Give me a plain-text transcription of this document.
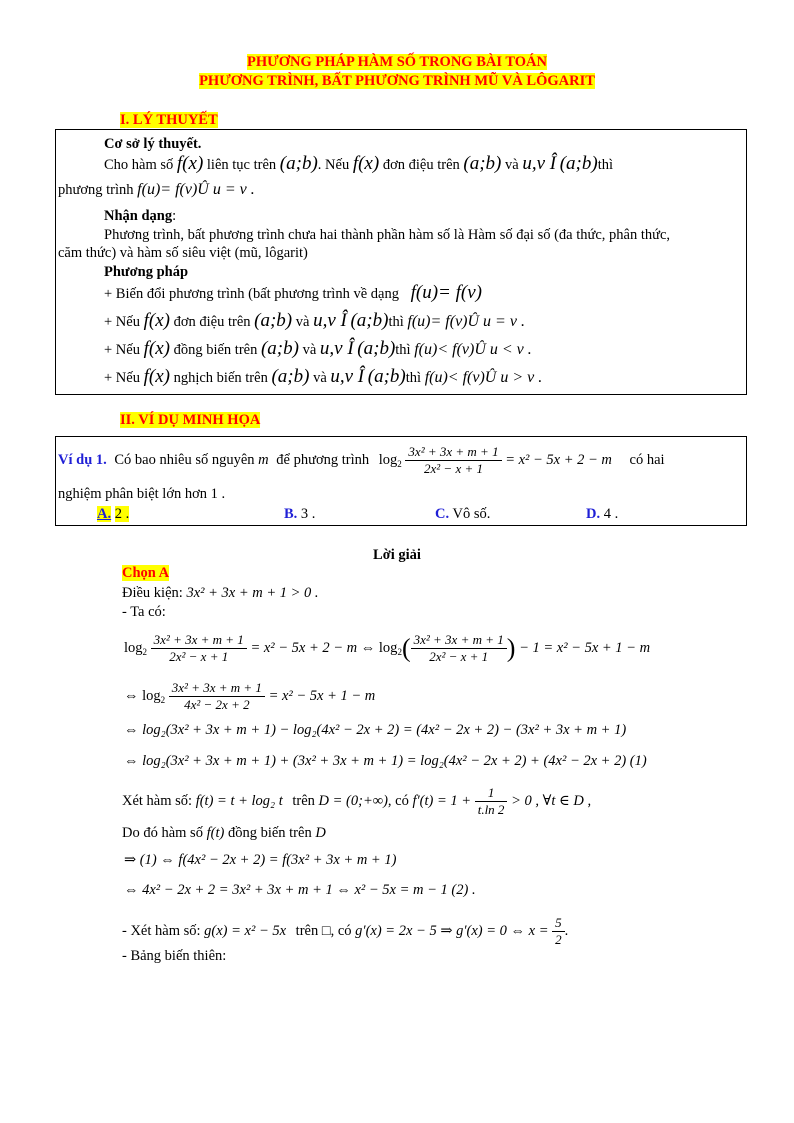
PHƯƠNG PHÁP HÀM SỐ TRONG BÀI TOÁN
PHƯƠNG TRÌNH, BẤT PHƯƠNG TRÌNH MŨ VÀ LÔGARIT
I. LÝ THUYẾT
Cơ sở lý thuyết.
Cho hàm số f(x) liên tục trên (a;b). Nếu f(x) đơn điệu trên (a;b) và u,v Î (a;b)thì
phương trình f(u)= f(v)Û u = v .
Nhận dạng:
Phương trình, bất phương trình chưa hai thành phần hàm số là Hàm số đại số (đa thức, phân thức,
căm thức) và hàm số siêu việt (mũ, lôgarit)
Phương pháp
+ Biến đổi phương trình (bất phương trình về dạng f(u)= f(v)
+ Nếu f(x) đơn điệu trên (a;b) và u,v Î (a;b)thì f(u)= f(v)Û u = v .
+ Nếu f(x) đồng biến trên (a;b) và u,v Î (a;b)thì f(u)< f(v)Û u < v .
+ Nếu f(x) nghịch biến trên (a;b) và u,v Î (a;b)thì f(u)< f(v)Û u > v .
II. VÍ DỤ MINH HỌA
Ví dụ 1. Có bao nhiêu số nguyên m để phương trình $\log_2 \frac{\text{3x² + 3x + m + 1}}{\text{2x² − x + 1}} = x^2 - 5x + 2 - m$ có hai
nghiệm phân biệt lớn hơn 1 .
A. 2 .	B. 3 .	C. Vô số.	D. 4 .
Lời giải
Chọn A
Điều kiện: 3x² + 3x + m + 1 > 0 .
- Ta có:
$\log_2 \frac{\text{3x² + 3x + m + 1}}{\text{2x² − x + 1}} = x^2 - 5x + 2 - m$ ⇔ $\log_2( \frac{\text{3x² + 3x + m + 1}}{\text{2x² − x + 1}}$ ) − 1 = x² − 5x + 1 − m
⇔ $\log_2 \frac{\text{3x² + 3x + m + 1}}{\text{4x² − 2x + 2}} = x^2 - 5x + 1 - m$
⇔ log₂(3x² + 3x + m + 1) − log₂(4x² − 2x + 2) = (4x² − 2x + 2) − (3x² + 3x + m + 1)
⇔ log₂(3x² + 3x + m + 1) + (3x² + 3x + m + 1) = log₂(4x² − 2x + 2) + (4x² − 2x + 2) (1)
Xét hàm số: f(t) = t + log₂ t trên D = (0;+∞), có $f'(t) = 1 + \frac{1}{t.\ln 2} > 0$ , ∀t ∈ D ,
Do đó hàm số f(t) đồng biến trên D
⇒ (1) ⇔ f(4x² − 2x + 2) = f(3x² + 3x + m + 1)
⇔ 4x² − 2x + 2 = 3x² + 3x + m + 1 ⇔ x² − 5x = m − 1 (2) .
- Xét hàm số: g(x) = x² − 5x trên □, có g′(x) = 2x − 5 ⇒ g′(x) = 0 ⇔ $x = \frac{5}{2}$ .
- Bảng biến thiên:
